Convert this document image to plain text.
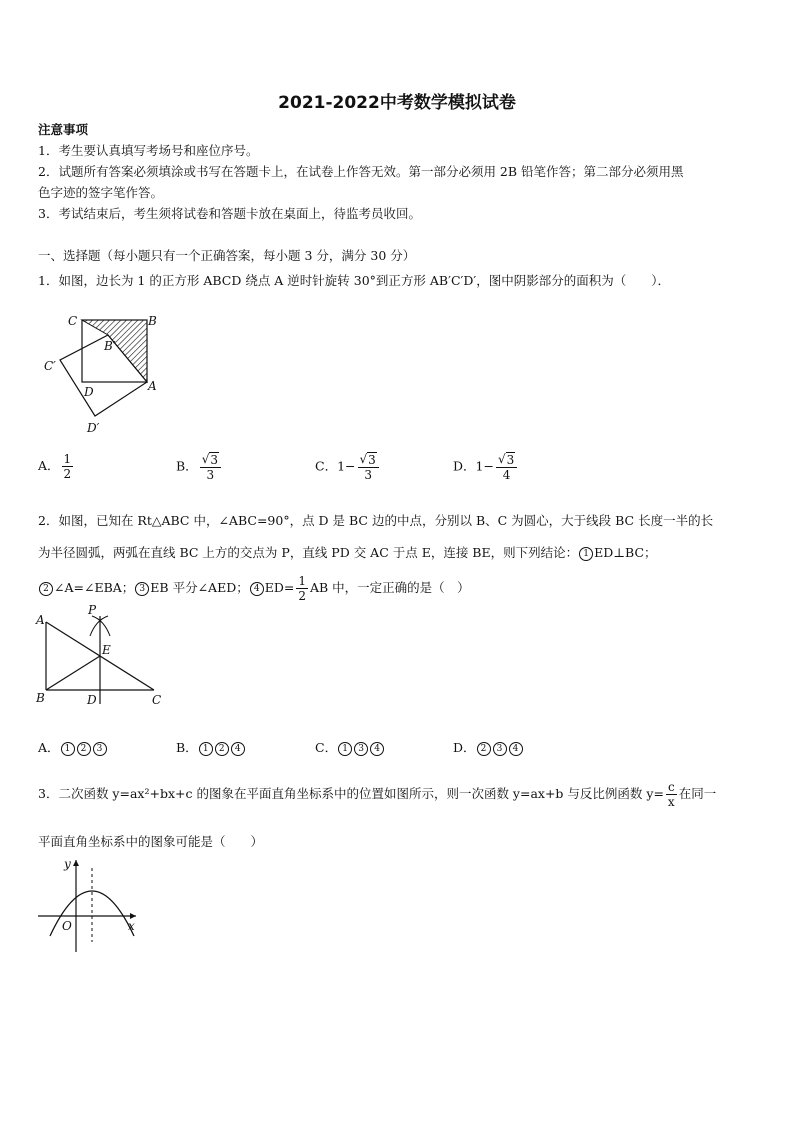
2021-2022中考数学模拟试卷
注意事项
1．考生要认真填写考场号和座位序号。
2．试题所有答案必须填涂或书写在答题卡上，在试卷上作答无效。第一部分必须用 2B 铅笔作答；第二部分必须用黑
色字迹的签字笔作答。
3．考试结束后，考生须将试卷和答题卡放在桌面上，待监考员收回。
一、选择题（每小题只有一个正确答案，每小题 3 分，满分 30 分）
1．如图，边长为 1 的正方形 ABCD 绕点 A 逆时针旋转 30°到正方形 AB′C′D′，图中阴影部分的面积为（　　）．
C	B
B′
C′
D	A
D′
A． $\frac{1}{2}$	B． $\frac{√ 3}{3}$	C．$1- \frac{√ 3}{3}$	D．$1- \frac{√ 3}{4}$
2．如图，已知在 Rt△ABC 中，∠ABC=90°，点 D 是 BC 边的中点，分别以 B、C 为圆心，大于线段 BC 长度一半的长
为半径圆弧，两弧在直线 BC 上方的交点为 P，直线 PD 交 AC 于点 E，连接 BE，则下列结论： 1 ED⊥BC；
2 ∠A=∠EBA； 3 EB 平分∠AED； 4 $ED= \frac{1}{2}$ AB 中，一定正确的是（　）
A
P
E
B	D	C
A． 1 2 3	B． 1 2 4	C． 1 3 4	D． 2 3 4
3．二次函数 y=ax²+bx+c 的图象在平面直角坐标系中的位置如图所示，则一次函数 y=ax+b 与反比例函数 $y= \frac{c}{x}$ 在同一
平面直角坐标系中的图象可能是（　　）
y
O	x
